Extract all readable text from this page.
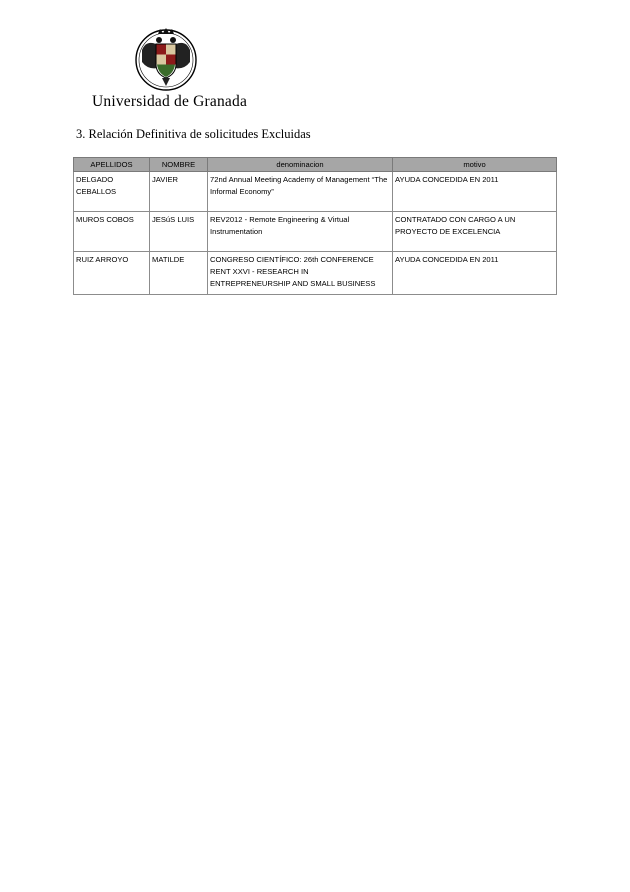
Universidad de Granada
3. Relación Definitiva de solicitudes Excluidas
APELLIDOS	NOMBRE	denominacion	motivo
DELGADO CEBALLOS	JAVIER	72nd Annual Meeting Academy of Management “The Informal Economy”	AYUDA CONCEDIDA EN 2011
MUROS COBOS	JESúS LUIS	REV2012 - Remote Engineering & Virtual Instrumentation	CONTRATADO CON CARGO A UN PROYECTO DE EXCELENCIA
RUIZ ARROYO	MATILDE	CONGRESO CIENTÍFICO: 26th CONFERENCE RENT XXVI - RESEARCH IN ENTREPRENEURSHIP AND SMALL BUSINESS	AYUDA CONCEDIDA EN 2011
